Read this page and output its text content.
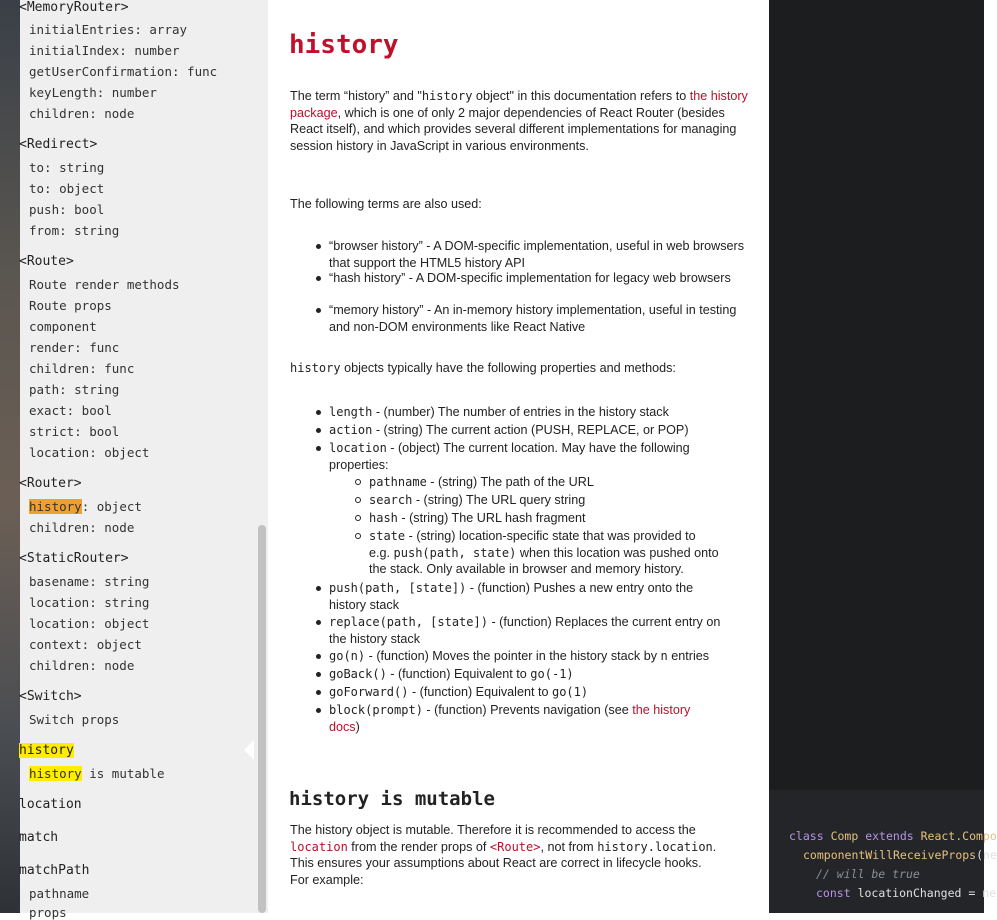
<MemoryRouter>
initialEntries: array
initialIndex: number
getUserConfirmation: func
keyLength: number
children: node
<Redirect>
to: string
to: object
push: bool
from: string
<Route>
Route render methods
Route props
component
render: func
children: func
path: string
exact: bool
strict: bool
location: object
<Router>
history: object
children: node
<StaticRouter>
basename: string
location: string
location: object
context: object
children: node
<Switch>
Switch props
history
history is mutable
location
match
matchPath
pathname
props
history
The term “history” and "history object" in this documentation refers to the history package, which is one of only 2 major dependencies of React Router (besides React itself), and which provides several different implementations for managing session history in JavaScript in various environments.
The following terms are also used:
“browser history” - A DOM-specific implementation, useful in web browsers that support the HTML5 history API
“hash history” - A DOM-specific implementation for legacy web browsers
“memory history” - An in-memory history implementation, useful in testing and non-DOM environments like React Native
history objects typically have the following properties and methods:
length - (number) The number of entries in the history stack
action - (string) The current action (PUSH, REPLACE, or POP)
location - (object) The current location. May have the following properties:
pathname - (string) The path of the URL
search - (string) The URL query string
hash - (string) The URL hash fragment
state - (string) location-specific state that was provided to
e.g. push(path, state) when this location was pushed onto
the stack. Only available in browser and memory history.
push(path, [state]) - (function) Pushes a new entry onto the
history stack
replace(path, [state]) - (function) Replaces the current entry on
the history stack
go(n) - (function) Moves the pointer in the history stack by n entries
goBack() - (function) Equivalent to go(-1)
goForward() - (function) Equivalent to go(1)
block(prompt) - (function) Prevents navigation (see the history
docs)
history is mutable
The history object is mutable. Therefore it is recommended to access the
location from the render props of <Route>, not from history.location.
This ensures your assumptions about React are correct in lifecycle hooks.
For example:
class Comp extends React.Compo
componentWillReceiveProps(ne
// will be true
const locationChanged = ne
